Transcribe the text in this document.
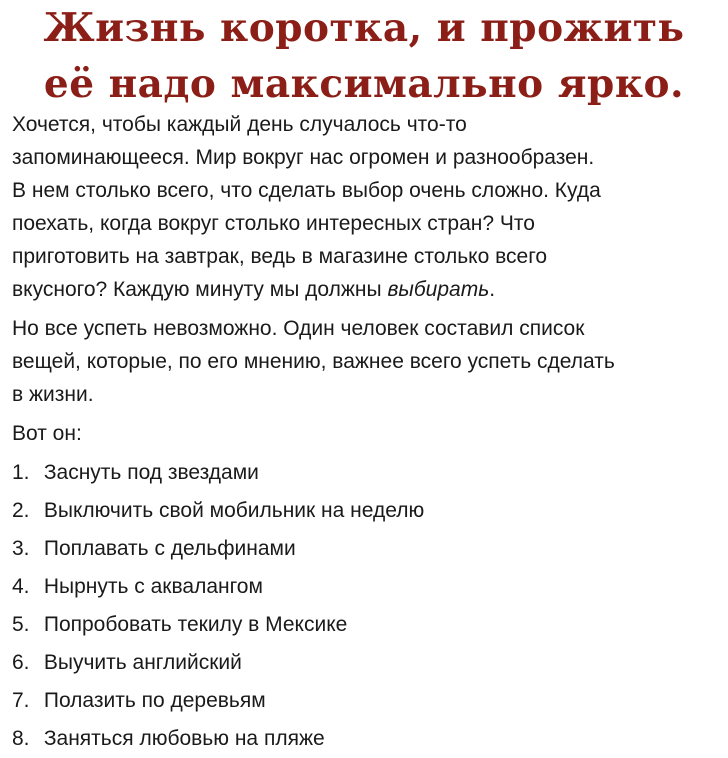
Жизнь коротка, и прожить
её надо максимально ярко.

Хочется, чтобы каждый день случалось что-то
запоминающееся. Мир вокруг нас огромен и разнообразен.
В нем столько всего, что сделать выбор очень сложно. Куда
поехать, когда вокруг столько интересных стран? Что
приготовить на завтрак, ведь в магазине столько всего
вкусного? Каждую минуту мы должны выбирать.

Но все успеть невозможно. Один человек составил список
вещей, которые, по его мнению, важнее всего успеть сделать
в жизни.

Вот он:

1. Заснуть под звездами
2. Выключить свой мобильник на неделю
3. Поплавать с дельфинами
4. Нырнуть с аквалангом
5. Попробовать текилу в Мексике
6. Выучить английский
7. Полазить по деревьям
8. Заняться любовью на пляже
